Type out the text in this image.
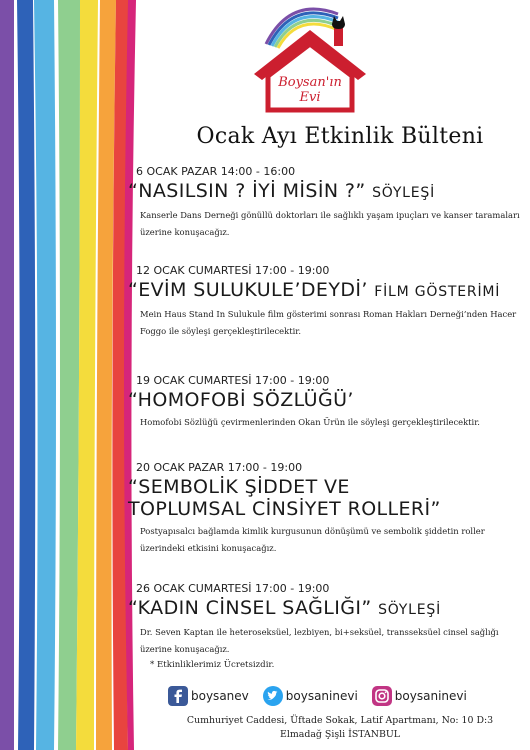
Boysan'ın
Evi
Ocak Ayı Etkinlik Bülteni
6 OCAK PAZAR 14:00 - 16:00
“NASILSIN ? İYİ MİSİN ?” SÖYLEŞİ
Kanserle Dans Derneği gönüllü doktorları ile sağlıklı yaşam ipuçları ve kanser taramaları üzerine konuşacağız.
12 OCAK CUMARTESİ 17:00 - 19:00
“EVİM SULUKULE’DEYDİ’ FİLM GÖSTERİMİ
Mein Haus Stand In Sulukule film gösterimi sonrası Roman Hakları Derneği’nden Hacer Foggo ile söyleşi gerçekleştirilecektir.
19 OCAK CUMARTESİ 17:00 - 19:00
“HOMOFOBİ SÖZLÜĞÜ’
Homofobi Sözlüğü çevirmenlerinden Okan Ürün ile söyleşi gerçekleştirilecektir.
20 OCAK PAZAR 17:00 - 19:00
“SEMBOLİK ŞİDDET VE TOPLUMSAL CİNSİYET ROLLERİ”
Postyapısalcı bağlamda kimlik kurgusunun dönüşümü ve sembolik şiddetin roller üzerindeki etkisini konuşacağız.
26 OCAK CUMARTESİ 17:00 - 19:00
“KADIN CİNSEL SAĞLIĞI” SÖYLEŞİ
Dr. Seven Kaptan ile heteroseksüel, lezbiyen, bi+seksüel, transseksüel cinsel sağlığı üzerine konuşacağız.
* Etkinliklerimiz Ücretsizdir.
boysanev	boysaninevi	boysaninevi
Cumhuriyet Caddesi, Üftade Sokak, Latif Apartmanı, No: 10 D:3
Elmadağ Şişli İSTANBUL
